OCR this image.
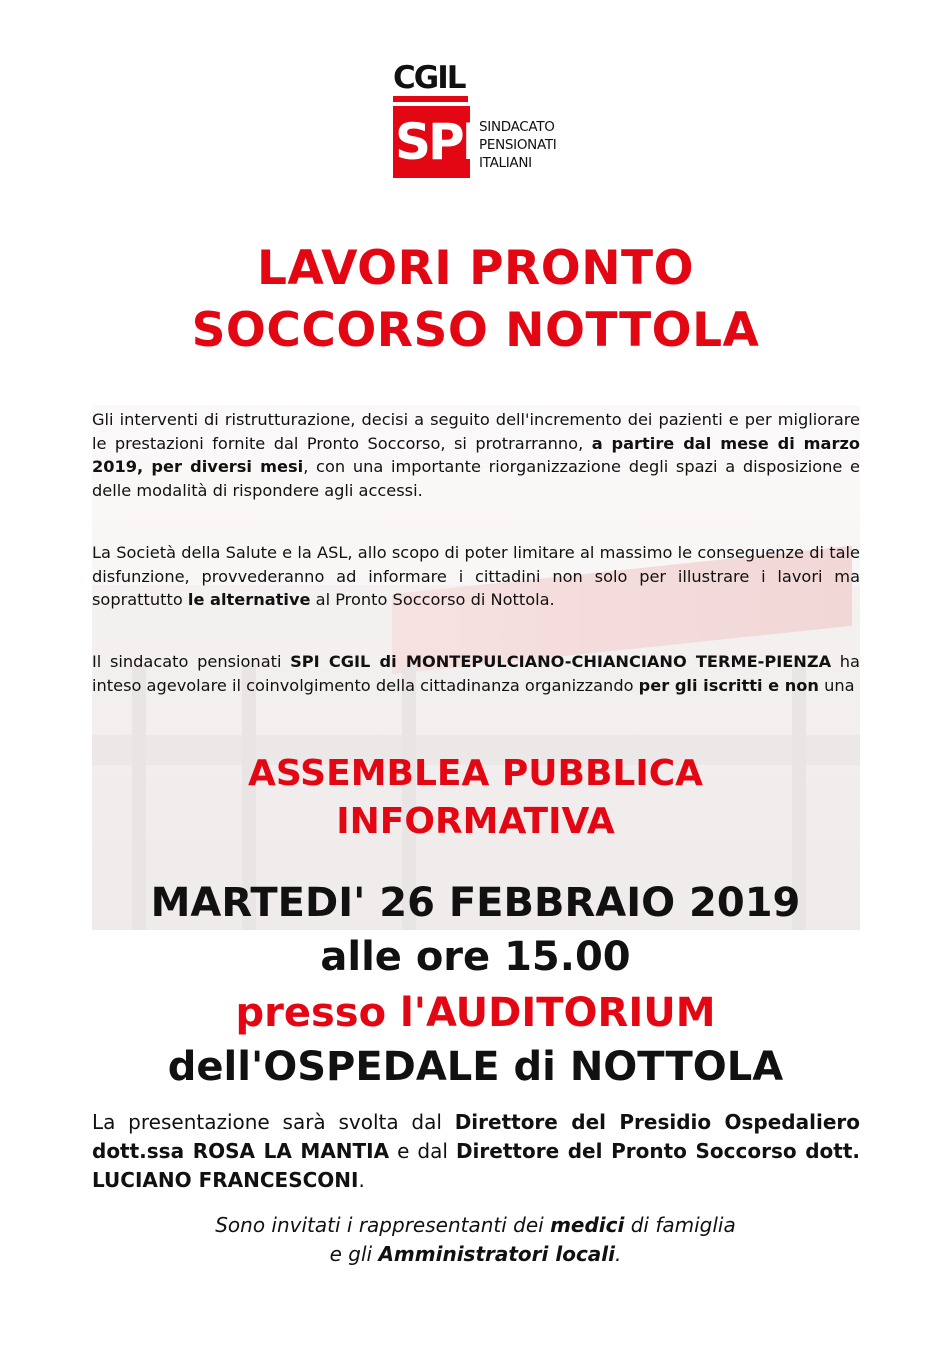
CGIL
SPI SINDACATO
PENSIONATI
ITALIANI
LAVORI PRONTO
SOCCORSO NOTTOLA
Gli interventi di ristrutturazione, decisi a seguito dell'incremento dei pazienti e per migliorare le prestazioni fornite dal Pronto Soccorso, si protrarranno, a partire dal mese di marzo 2019, per diversi mesi, con una importante riorganizzazione degli spazi a disposizione e delle modalità di rispondere agli accessi.
La Società della Salute e la ASL, allo scopo di poter limitare al massimo le conseguenze di tale disfunzione, provvederanno ad informare i cittadini non solo per illustrare i lavori ma soprattutto le alternative al Pronto Soccorso di Nottola.
Il sindacato pensionati SPI CGIL di MONTEPULCIANO-CHIANCIANO TERME-PIENZA ha inteso agevolare il coinvolgimento della cittadinanza organizzando per gli iscritti e non una
ASSEMBLEA PUBBLICA
INFORMATIVA
MARTEDI' 26 FEBBRAIO 2019
alle ore 15.00
presso l'AUDITORIUM
dell'OSPEDALE di NOTTOLA
La presentazione sarà svolta dal Direttore del Presidio Ospedaliero dott.ssa ROSA LA MANTIA e dal Direttore del Pronto Soccorso dott. LUCIANO FRANCESCONI.
Sono invitati i rappresentanti dei medici di famiglia
e gli Amministratori locali.
